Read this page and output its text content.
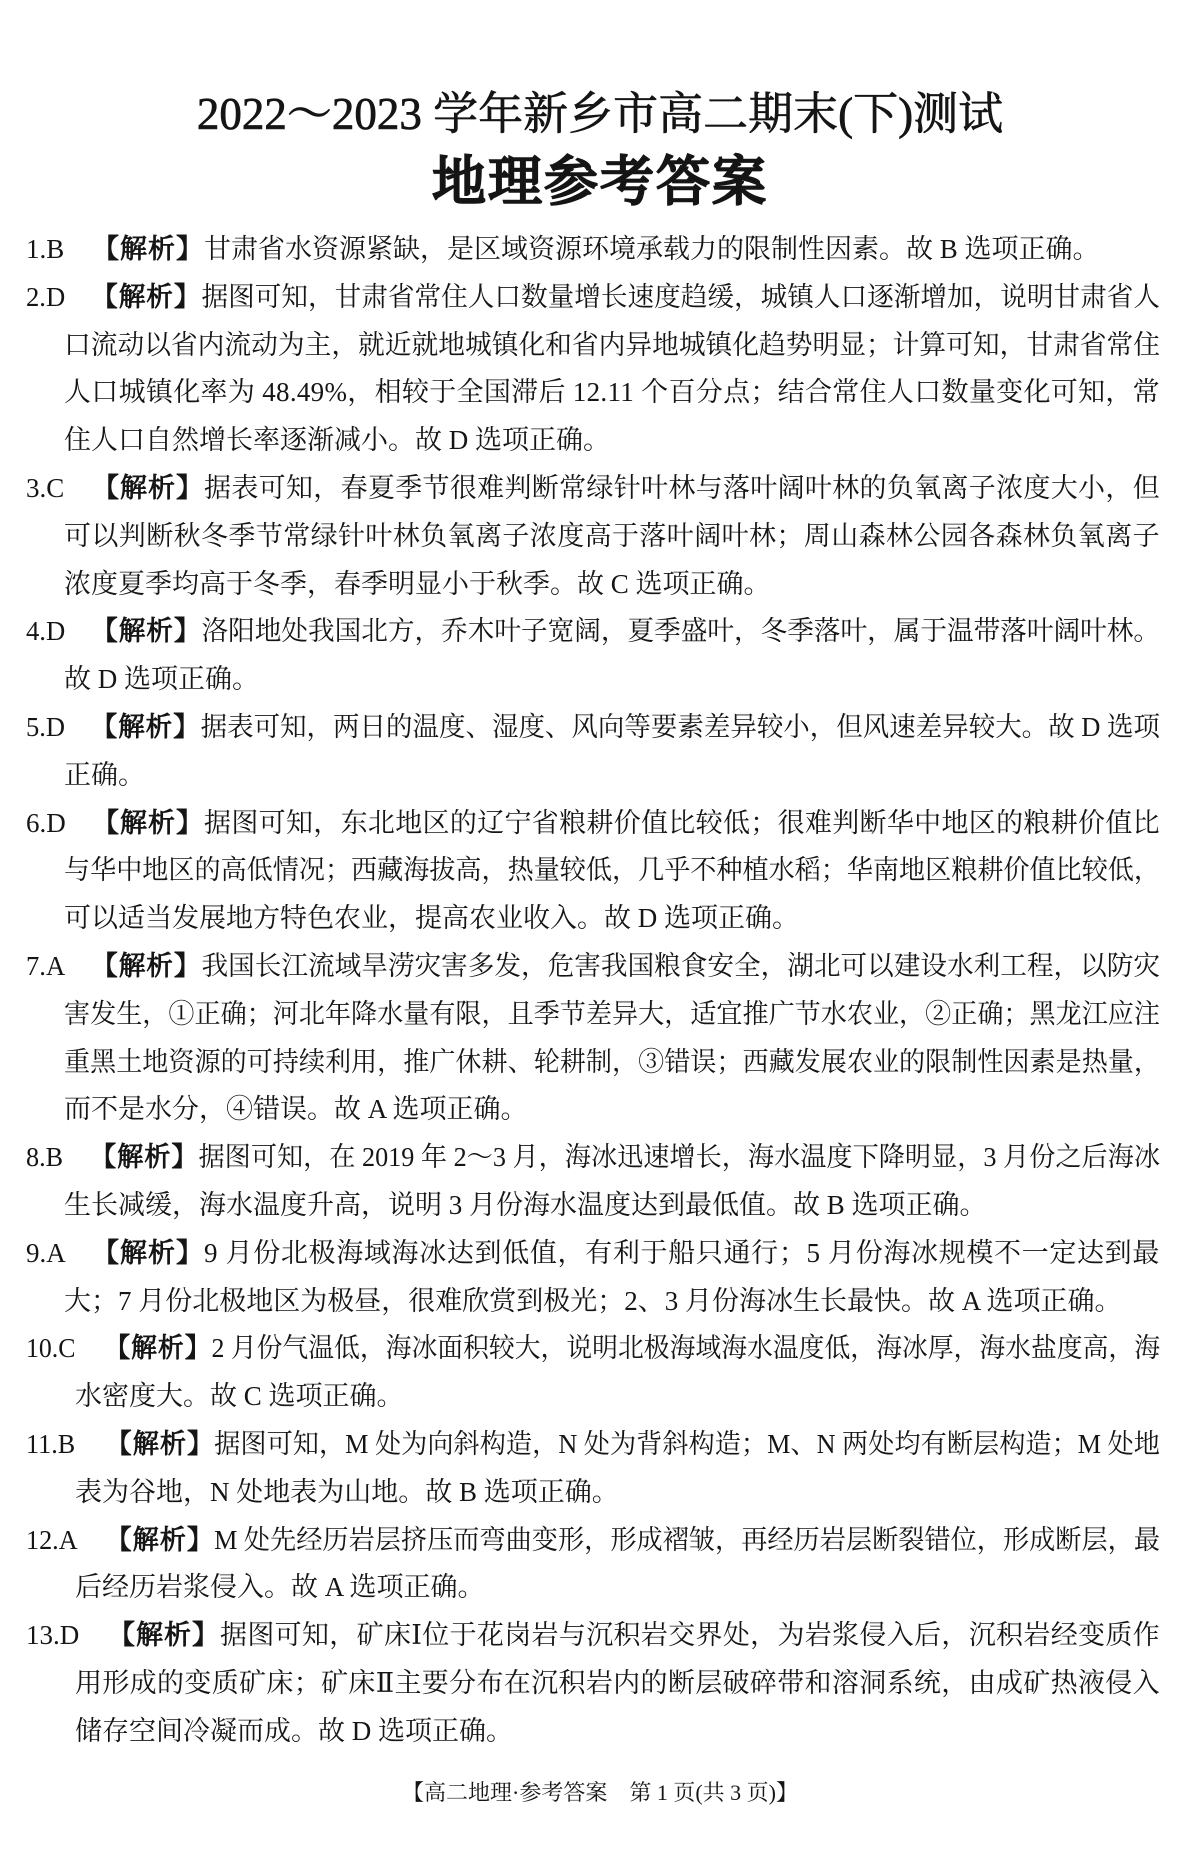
2022～2023 学年新乡市高二期末(下)测试
地理参考答案
1.B 【解析】甘肃省水资源紧缺，是区域资源环境承载力的限制性因素。故 B 选项正确。
2.D 【解析】据图可知，甘肃省常住人口数量增长速度趋缓，城镇人口逐渐增加，说明甘肃省人
口流动以省内流动为主，就近就地城镇化和省内异地城镇化趋势明显；计算可知，甘肃省常住
人口城镇化率为 48.49%，相较于全国滞后 12.11 个百分点；结合常住人口数量变化可知，常
住人口自然增长率逐渐减小。故 D 选项正确。
3.C 【解析】据表可知，春夏季节很难判断常绿针叶林与落叶阔叶林的负氧离子浓度大小，但
可以判断秋冬季节常绿针叶林负氧离子浓度高于落叶阔叶林；周山森林公园各森林负氧离子
浓度夏季均高于冬季，春季明显小于秋季。故 C 选项正确。
4.D 【解析】洛阳地处我国北方，乔木叶子宽阔，夏季盛叶，冬季落叶，属于温带落叶阔叶林。
故 D 选项正确。
5.D 【解析】据表可知，两日的温度、湿度、风向等要素差异较小，但风速差异较大。故 D 选项
正确。
6.D 【解析】据图可知，东北地区的辽宁省粮耕价值比较低；很难判断华中地区的粮耕价值比
与华中地区的高低情况；西藏海拔高，热量较低，几乎不种植水稻；华南地区粮耕价值比较低，
可以适当发展地方特色农业，提高农业收入。故 D 选项正确。
7.A 【解析】我国长江流域旱涝灾害多发，危害我国粮食安全，湖北可以建设水利工程，以防灾
害发生，①正确；河北年降水量有限，且季节差异大，适宜推广节水农业，②正确；黑龙江应注
重黑土地资源的可持续利用，推广休耕、轮耕制，③错误；西藏发展农业的限制性因素是热量，
而不是水分，④错误。故 A 选项正确。
8.B 【解析】据图可知，在 2019 年 2～3 月，海冰迅速增长，海水温度下降明显，3 月份之后海冰
生长减缓，海水温度升高，说明 3 月份海水温度达到最低值。故 B 选项正确。
9.A 【解析】9 月份北极海域海冰达到低值，有利于船只通行；5 月份海冰规模不一定达到最
大；7 月份北极地区为极昼，很难欣赏到极光；2、3 月份海冰生长最快。故 A 选项正确。
10.C 【解析】2 月份气温低，海冰面积较大，说明北极海域海水温度低，海冰厚，海水盐度高，海
水密度大。故 C 选项正确。
11.B 【解析】据图可知，M 处为向斜构造，N 处为背斜构造；M、N 两处均有断层构造；M 处地
表为谷地，N 处地表为山地。故 B 选项正确。
12.A 【解析】M 处先经历岩层挤压而弯曲变形，形成褶皱，再经历岩层断裂错位，形成断层，最
后经历岩浆侵入。故 A 选项正确。
13.D 【解析】据图可知，矿床Ⅰ位于花岗岩与沉积岩交界处，为岩浆侵入后，沉积岩经变质作
用形成的变质矿床；矿床Ⅱ主要分布在沉积岩内的断层破碎带和溶洞系统，由成矿热液侵入
储存空间冷凝而成。故 D 选项正确。
【高二地理·参考答案　第 1 页(共 3 页)】
